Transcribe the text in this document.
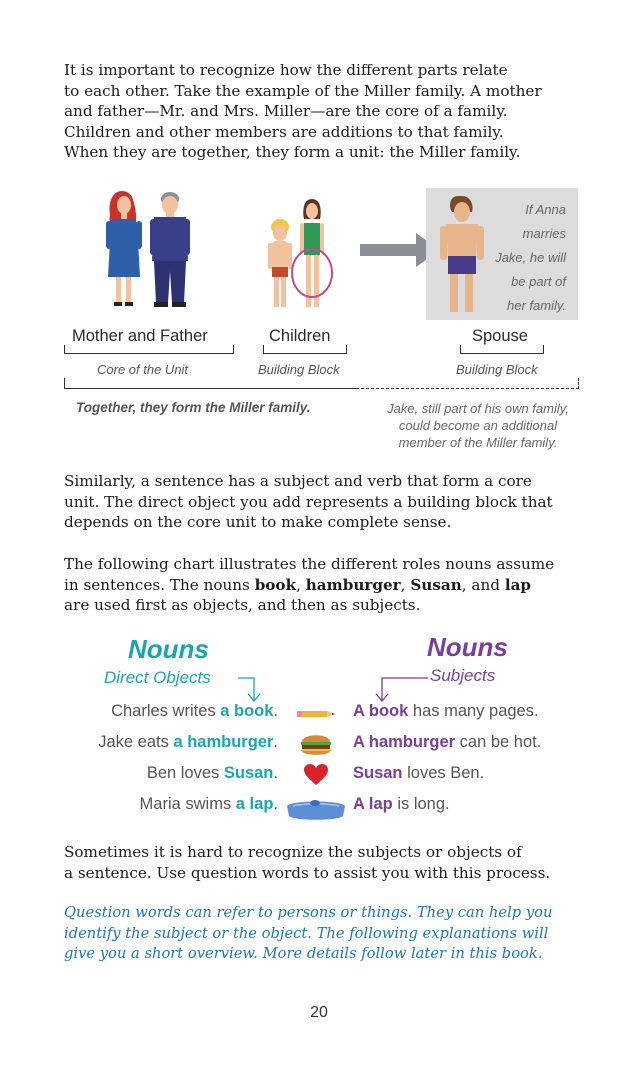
It is important to recognize how the different parts relate
to each other. Take the example of the Miller family. A mother
and father—Mr. and Mrs. Miller—are the core of a family.
Children and other members are additions to that family.
When they are together, they form a unit: the Miller family.
If Anna
marries
Jake, he will
be part of
her family.
Mother and Father
Core of the Unit
Children
Building Block
Spouse
Building Block
Together, they form the Miller family.	Jake, still part of his own family,
could become an additional
member of the Miller family.
Similarly, a sentence has a subject and verb that form a core
unit. The direct object you add represents a building block that
depends on the core unit to make complete sense.
The following chart illustrates the different roles nouns assume
in sentences. The nouns book, hamburger, Susan, and lap
are used first as objects, and then as subjects.
Nouns
Direct Objects
Nouns
Subjects
Charles writes a book.	A book has many pages.
Jake eats a hamburger.	A hamburger can be hot.
Ben loves Susan.	Susan loves Ben.
Maria swims a lap.	A lap is long.
Sometimes it is hard to recognize the subjects or objects of
a sentence. Use question words to assist you with this process.
Question words can refer to persons or things. They can help you
identify the subject or the object. The following explanations will
give you a short overview. More details follow later in this book.
20
